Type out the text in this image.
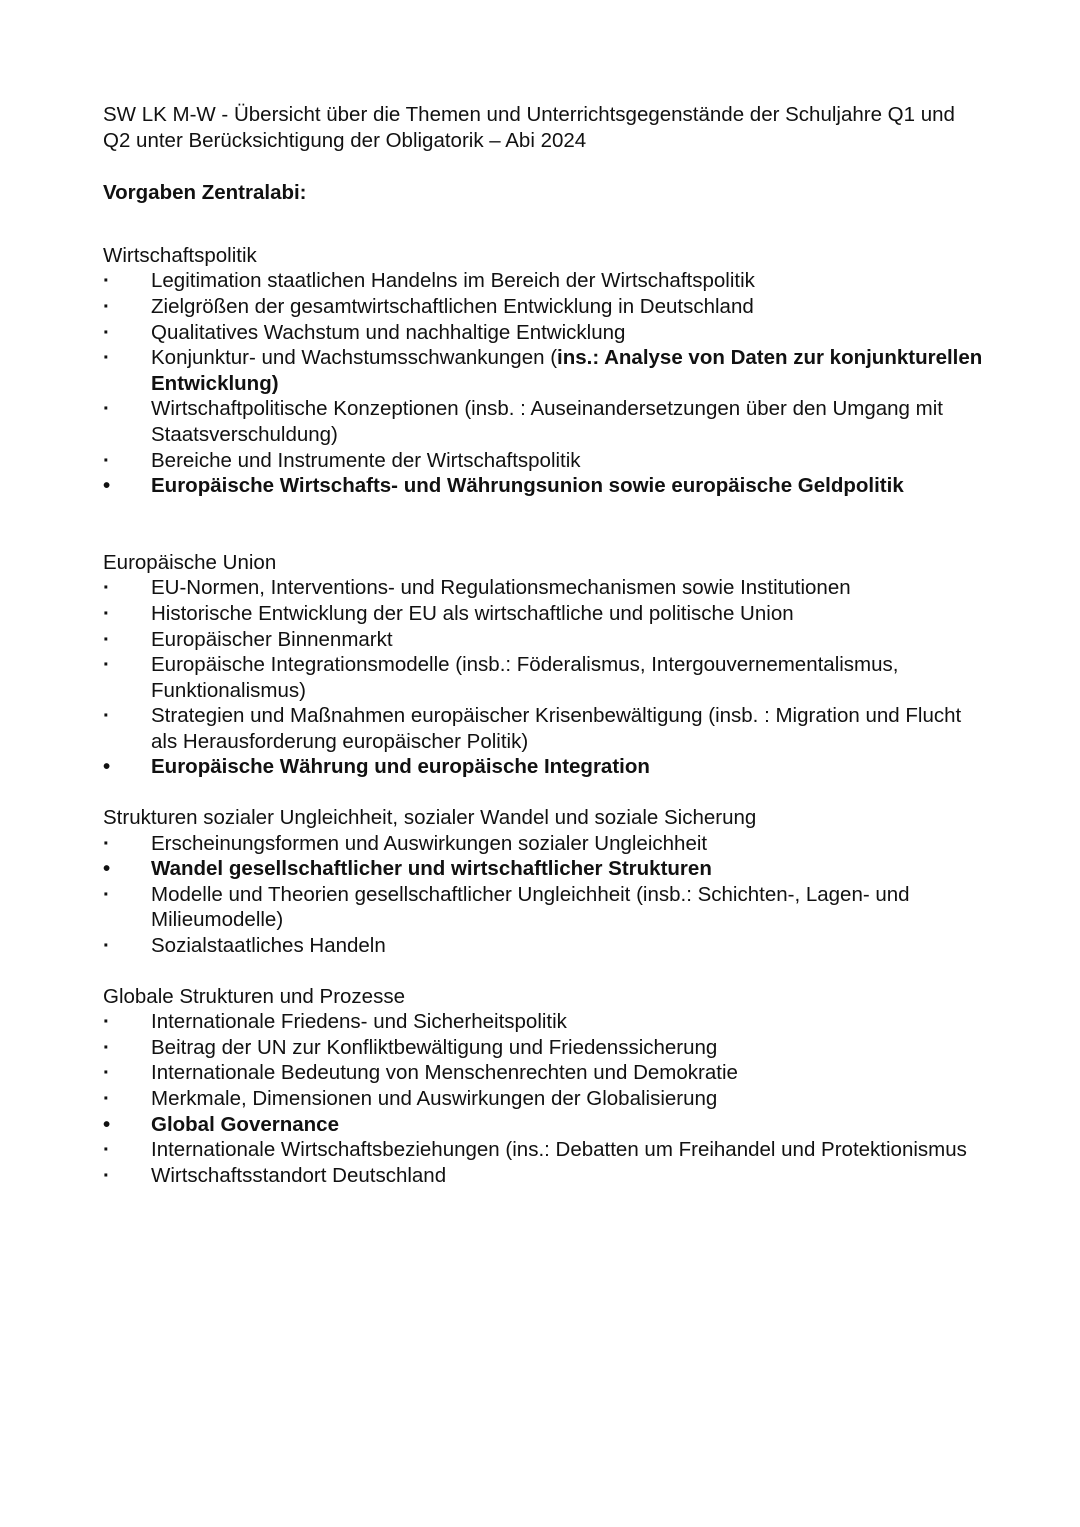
SW LK M-W - Übersicht über die Themen und Unterrichtsgegenstände der Schuljahre Q1 und Q2 unter Berücksichtigung der Obligatorik – Abi 2024

Vorgaben Zentralabi:

Wirtschaftspolitik

·
Legitimation staatlichen Handelns im Bereich der Wirtschaftspolitik
·
Zielgrößen der gesamtwirtschaftlichen Entwicklung in Deutschland
·
Qualitatives Wachstum und nachhaltige Entwicklung
·
Konjunktur- und Wachstumsschwankungen (ins.: Analyse von Daten zur konjunkturellen Entwicklung)
·
Wirtschaftpolitische Konzeptionen (insb. : Auseinandersetzungen über den Umgang mit Staatsverschuldung)
·
Bereiche und Instrumente der Wirtschaftspolitik
•
Europäische Wirtschafts- und Währungsunion sowie europäische Geldpolitik

Europäische Union

·
EU-Normen, Interventions- und Regulationsmechanismen sowie Institutionen
·
Historische Entwicklung der EU als wirtschaftliche und politische Union
·
Europäischer Binnenmarkt
·
Europäische Integrationsmodelle (insb.: Föderalismus, Intergouvernementalismus, Funktionalismus)
·
Strategien und Maßnahmen europäischer Krisenbewältigung (insb. : Migration und Flucht als Herausforderung europäischer Politik)
•
Europäische Währung und europäische Integration

Strukturen sozialer Ungleichheit, sozialer Wandel und soziale Sicherung

·
Erscheinungsformen und Auswirkungen sozialer Ungleichheit
•
Wandel gesellschaftlicher und wirtschaftlicher Strukturen
·
Modelle und Theorien gesellschaftlicher Ungleichheit (insb.: Schichten-, Lagen- und Milieumodelle)
·
Sozialstaatliches Handeln

Globale Strukturen und Prozesse

·
Internationale Friedens- und Sicherheitspolitik
·
Beitrag der UN zur Konfliktbewältigung und Friedenssicherung
·
Internationale Bedeutung von Menschenrechten und Demokratie
·
Merkmale, Dimensionen und Auswirkungen der Globalisierung
•
Global Governance
·
Internationale Wirtschaftsbeziehungen (ins.: Debatten um Freihandel und Protektionismus
·
Wirtschaftsstandort Deutschland
